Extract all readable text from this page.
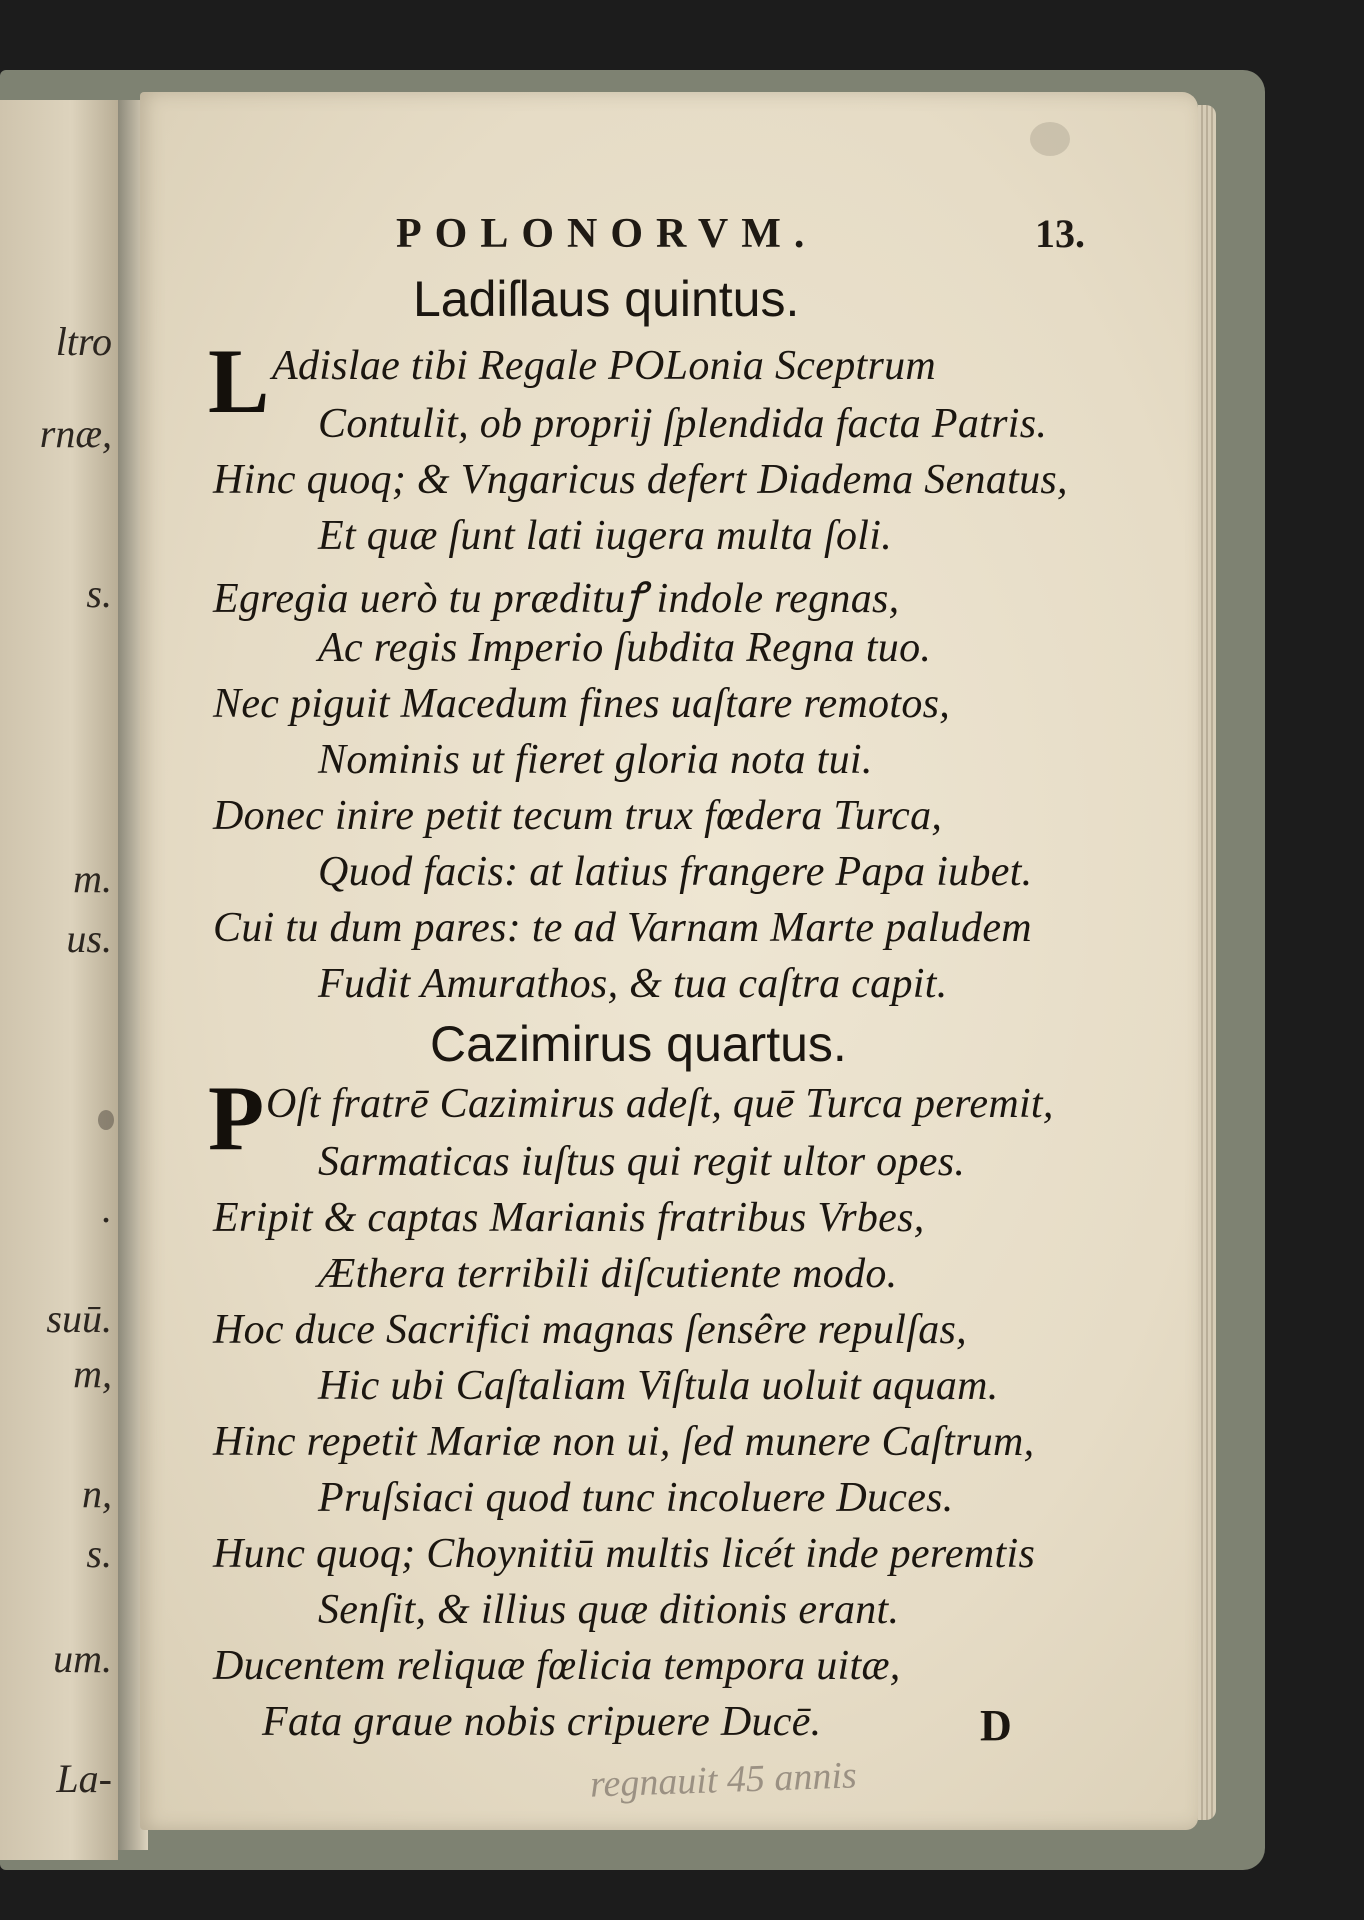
ltro
rnæ,
s.
m.
us.
.
suū.
m,
n,
s.
um.
La-
POLONORVM.	13.
Ladiſlaus quintus.
L Adislae tibi Regale POLonia Sceptrum
Contulit, ob proprij ſplendida facta Patris.
Hinc quoq; & Vngaricus defert Diadema Senatus,
Et quæ ſunt lati iugera multa ſoli.
Egregia uerò tu prædituꝭ indole regnas,
Ac regis Imperio ſubdita Regna tuo.
Nec piguit Macedum fines uaſtare remotos,
Nominis ut fieret gloria nota tui.
Donec inire petit tecum trux fœdera Turca,
Quod facis: at latius frangere Papa iubet.
Cui tu dum pares: te ad Varnam Marte paludem
Fudit Amurathos, & tua caſtra capit.
Cazimirus quartus.
P Oſt fratrē Cazimirus adeſt, quē Turca peremit,
Sarmaticas iuſtus qui regit ultor opes.
Eripit & captas Marianis fratribus Vrbes,
Æthera terribili diſcutiente modo.
Hoc duce Sacrifici magnas ſensêre repulſas,
Hic ubi Caſtaliam Viſtula uoluit aquam.
Hinc repetit Mariæ non ui, ſed munere Caſtrum,
Pruſsiaci quod tunc incoluere Duces.
Hunc quoq; Choynitiū multis licét inde peremtis
Senſit, & illius quæ ditionis erant.
Ducentem reliquæ fœlicia tempora uitæ,
Fata graue nobis cripuere Ducē.	D
regnauit 45 annis
